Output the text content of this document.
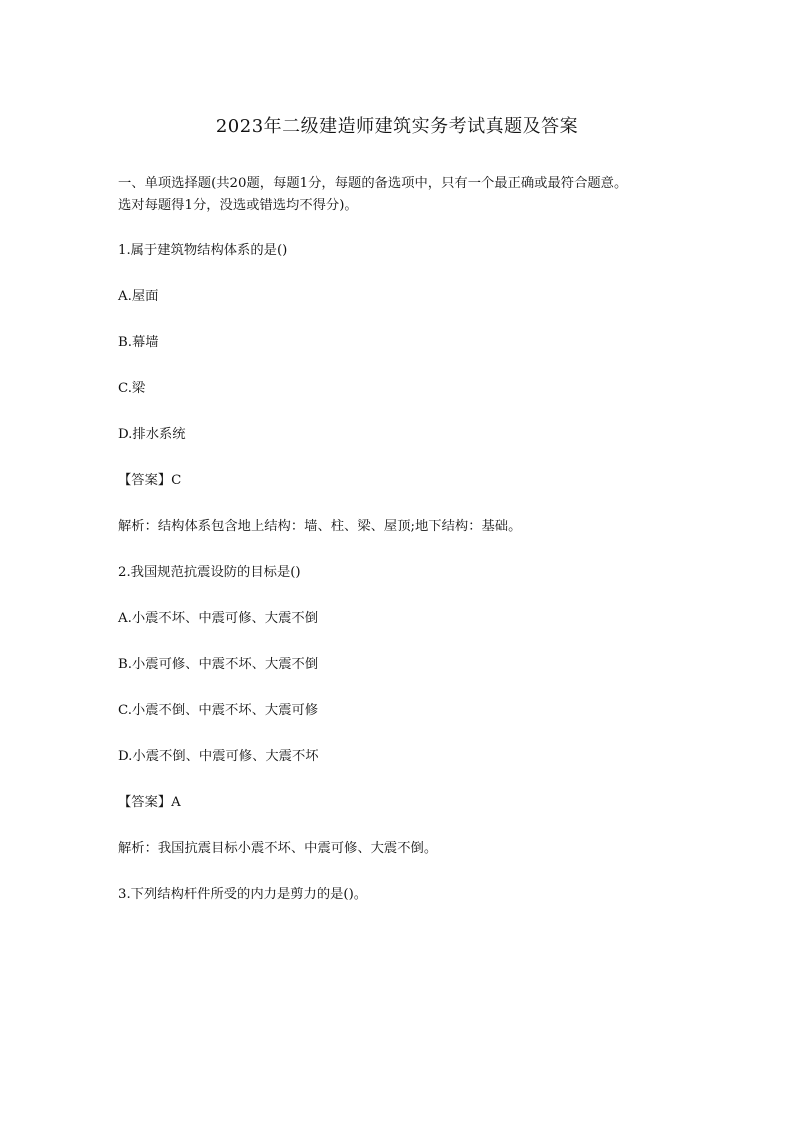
2023年二级建造师建筑实务考试真题及答案
一、单项选择题(共20题，每题1分，每题的备选项中，只有一个最正确或最符合题意。
选对每题得1分，没选或错选均不得分)。
1.属于建筑物结构体系的是()
A.屋面
B.幕墙
C.梁
D.排水系统
【答案】C
解析：结构体系包含地上结构：墙、柱、梁、屋顶;地下结构：基础。
2.我国规范抗震设防的目标是()
A.小震不坏、中震可修、大震不倒
B.小震可修、中震不坏、大震不倒
C.小震不倒、中震不坏、大震可修
D.小震不倒、中震可修、大震不坏
【答案】A
解析：我国抗震目标小震不坏、中震可修、大震不倒。
3.下列结构杆件所受的内力是剪力的是()。
